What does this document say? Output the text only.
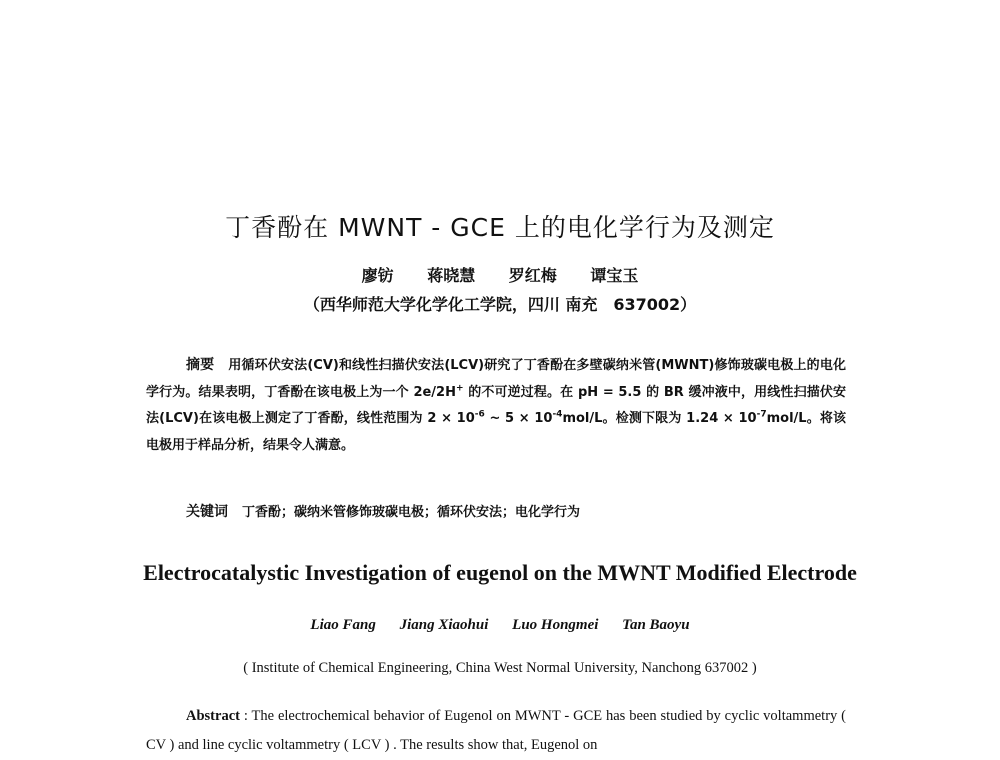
丁香酚在 MWNT - GCE 上的电化学行为及测定
廖钫 蒋晓慧 罗红梅 谭宝玉
（西华师范大学化学化工学院，四川 南充　637002）
摘要 用循环伏安法(CV)和线性扫描伏安法(LCV)研究了丁香酚在多壁碳纳米管(MWNT)修饰玻碳电极上的电化学行为。结果表明，丁香酚在该电极上为一个 2e/2H+ 的不可逆过程。在 pH = 5.5 的 BR 缓冲液中，用线性扫描伏安法(LCV)在该电极上测定了丁香酚，线性范围为 $2 \times 10^{-6}$ ~ $5 \times 10^{-4}mol/L$。检测下限为 $1.24 \times 10^{-7}mol/L$。将该电极用于样品分析，结果令人满意。
关键词 丁香酚；碳纳米管修饰玻碳电极；循环伏安法；电化学行为
Electrocatalystic Investigation of eugenol on the MWNT Modified Electrode
Liao Fang Jiang Xiaohui Luo Hongmei Tan Baoyu
( Institute of Chemical Engineering, China West Normal University, Nanchong 637002 )
Abstract : The electrochemical behavior of Eugenol on MWNT - GCE has been studied by cyclic voltammetry ( CV ) and line cyclic voltammetry ( LCV ) . The results show that, Eugenol on
